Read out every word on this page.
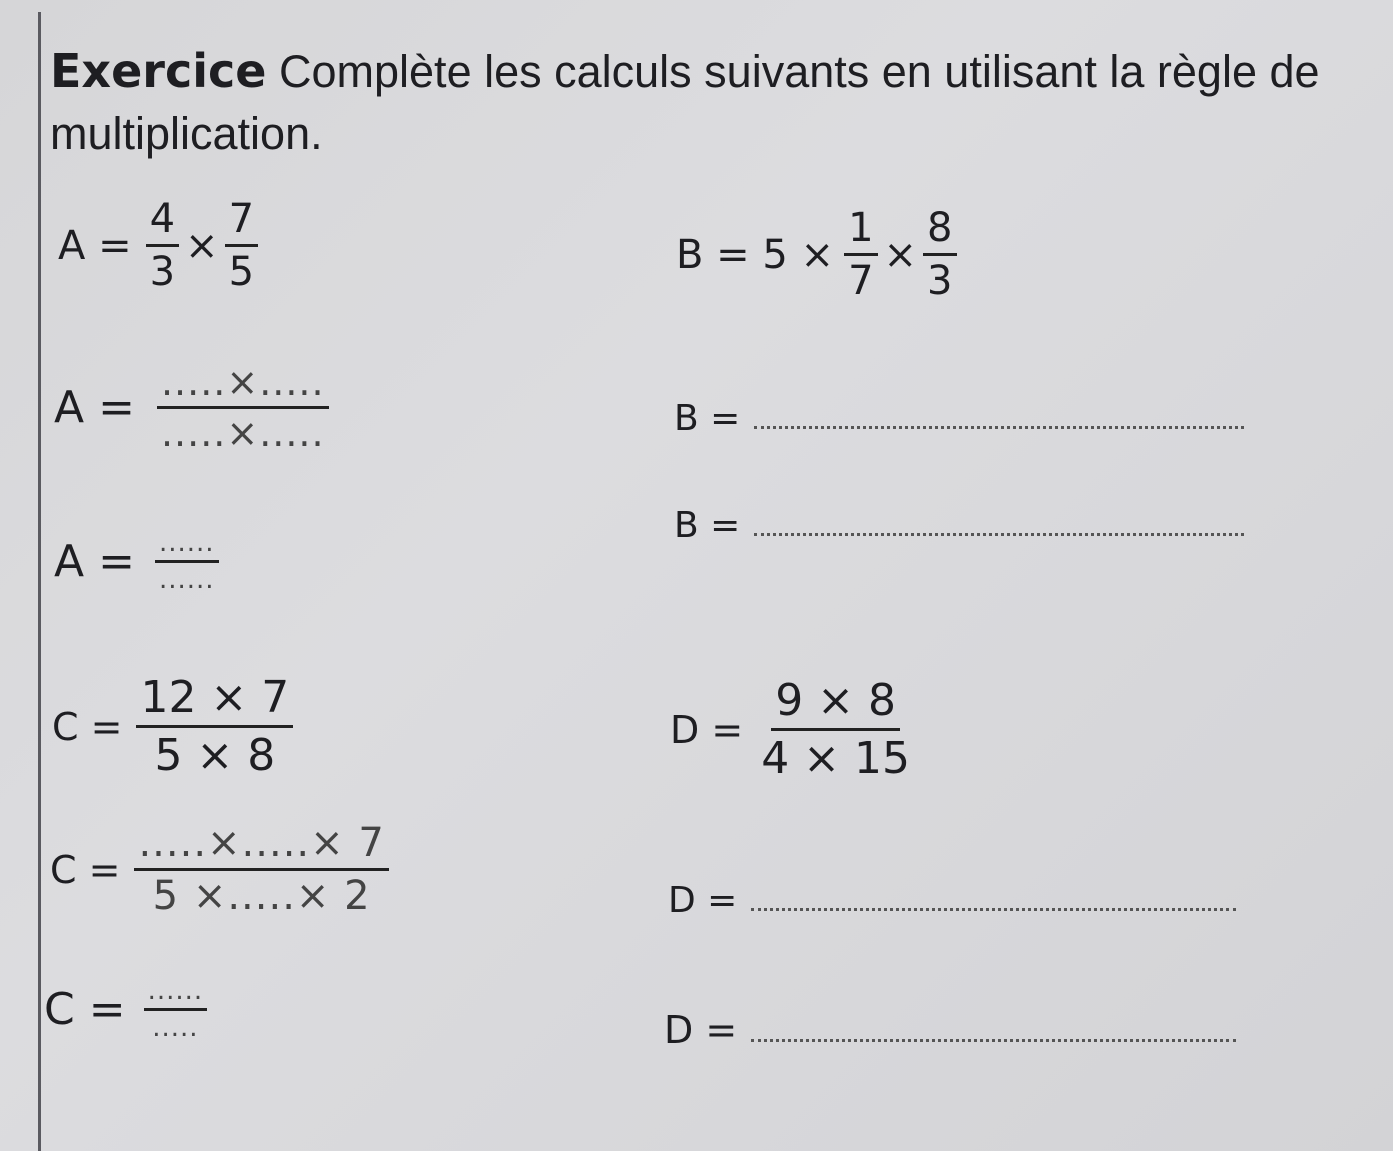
Exercice Complète les calculs suivants en utilisant la règle de multiplication.
$A = \frac{4}{3} \times \frac{7}{5}$	$B = 5 \times \frac{1}{7} \times \frac{8}{3}$
$A = \frac{.....\times.....}{.....\times.....}$	B =
B =
$A = \frac{......}{......}$
$C = \frac{12 \times 7}{5 \times 8}$	$D = \frac{9 \times 8}{4 \times 15}$
$C = \frac{.....\times.....\times 7}{5 \times.....\times 2}$	D =
$C = \frac{......}{.....}$	D =
